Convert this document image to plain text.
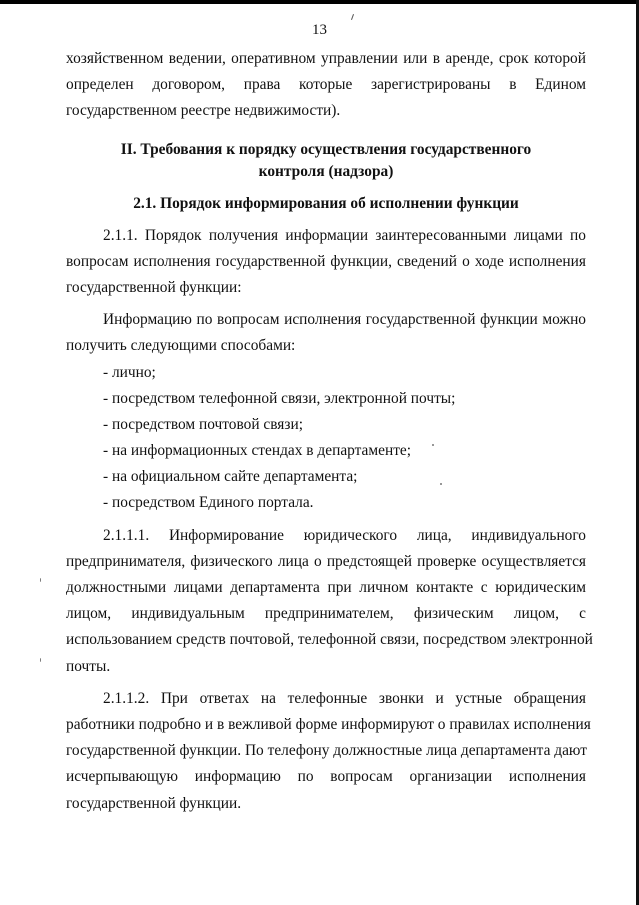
13
хозяйственном ведении, оперативном управлении или в аренде, срок которой
определен договором, права которые зарегистрированы в Едином
государственном реестре недвижимости).
II. Требования к порядку осуществления государственного
контроля (надзора)
2.1. Порядок информирования об исполнении функции
2.1.1. Порядок получения информации заинтересованными лицами по
вопросам исполнения государственной функции, сведений о ходе исполнения
государственной функции:
Информацию по вопросам исполнения государственной функции можно
получить следующими способами:
- лично;
- посредством телефонной связи, электронной почты;
- посредством почтовой связи;
- на информационных стендах в департаменте;
- на официальном сайте департамента;
- посредством Единого портала.
2.1.1.1. Информирование юридического лица, индивидуального
предпринимателя, физического лица о предстоящей проверке осуществляется
должностными лицами департамента при личном контакте с юридическим
лицом, индивидуальным предпринимателем, физическим лицом, с
использованием средств почтовой, телефонной связи, посредством электронной
почты.
2.1.1.2. При ответах на телефонные звонки и устные обращения
работники подробно и в вежливой форме информируют о правилах исполнения
государственной функции. По телефону должностные лица департамента дают
исчерпывающую информацию по вопросам организации исполнения
государственной функции.
